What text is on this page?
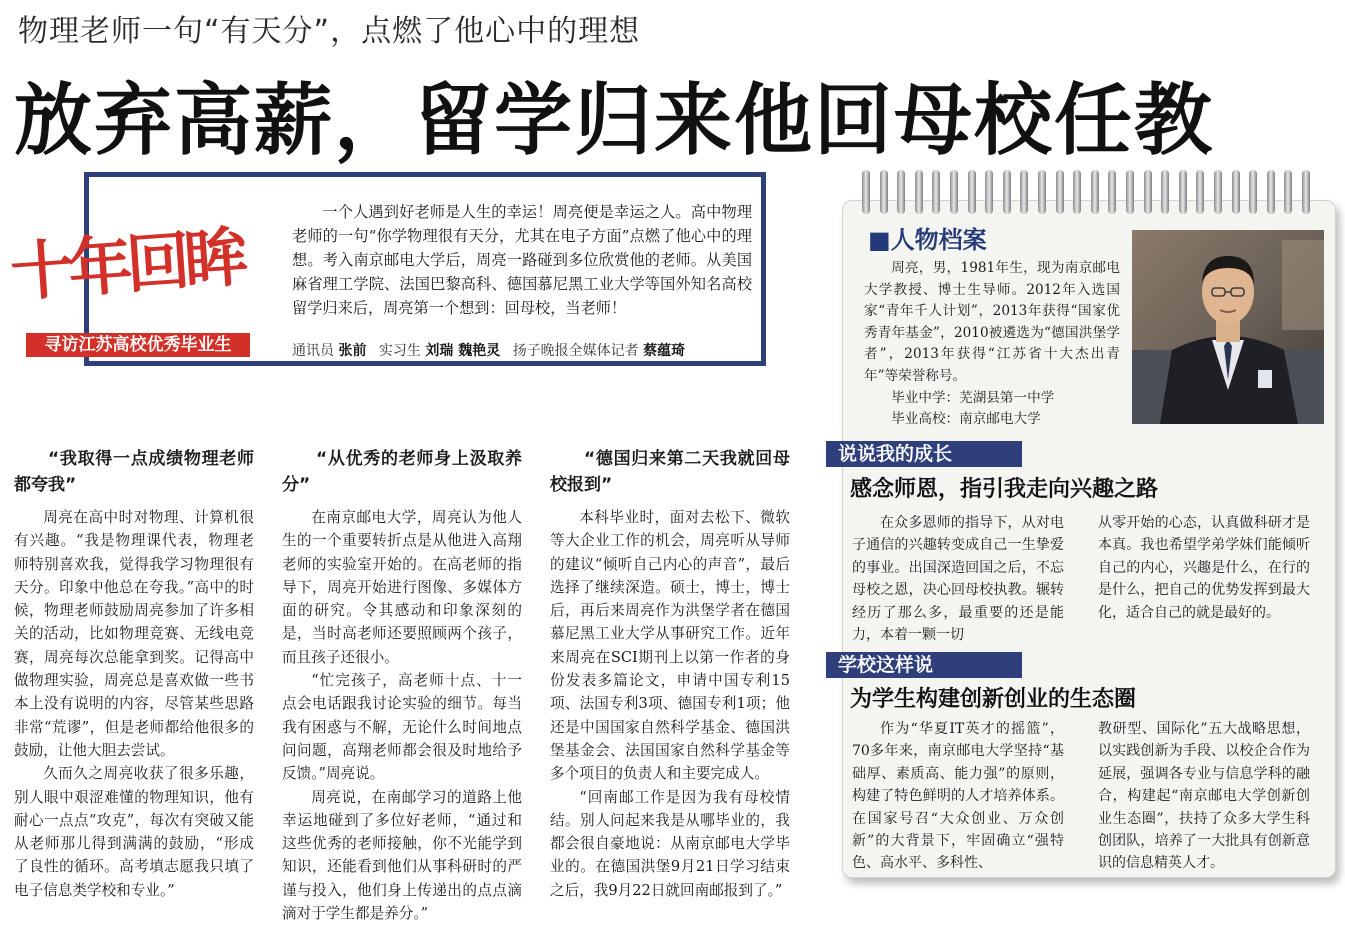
物理老师一句“有天分”，点燃了他心中的理想
放弃高薪，留学归来他回母校任教
十年回眸
寻访江苏高校优秀毕业生

一个人遇到好老师是人生的幸运！周亮便是幸运之人。高中物理老师的一句“你学物理很有天分，尤其在电子方面”点燃了他心中的理想。考入南京邮电大学后，周亮一路碰到多位欣赏他的老师。从美国麻省理工学院、法国巴黎高科、德国慕尼黑工业大学等国外知名高校留学归来后，周亮第一个想到：回母校，当老师！

通讯员 张前 实习生 刘瑞 魏艳灵 扬子晚报全媒体记者 蔡蕴琦
“我取得一点成绩物理老师都夸我”

周亮在高中时对物理、计算机很有兴趣。“我是物理课代表，物理老师特别喜欢我，觉得我学习物理很有天分。印象中他总在夸我。”高中的时候，物理老师鼓励周亮参加了许多相关的活动，比如物理竞赛、无线电竞赛，周亮每次总能拿到奖。记得高中做物理实验，周亮总是喜欢做一些书本上没有说明的内容，尽管某些思路非常“荒谬”，但是老师都给他很多的鼓励，让他大胆去尝试。

久而久之周亮收获了很多乐趣，别人眼中艰涩难懂的物理知识，他有耐心一点点“攻克”，每次有突破又能从老师那儿得到满满的鼓励，“形成了良性的循环。高考填志愿我只填了电子信息类学校和专业。”

“从优秀的老师身上汲取养分”

在南京邮电大学，周亮认为他人生的一个重要转折点是从他进入高翔老师的实验室开始的。在高老师的指导下，周亮开始进行图像、多媒体方面的研究。令其感动和印象深刻的是，当时高老师还要照顾两个孩子，而且孩子还很小。

“忙完孩子，高老师十点、十一点会电话跟我讨论实验的细节。每当我有困惑与不解，无论什么时间地点问问题，高翔老师都会很及时地给予反馈。”周亮说。

周亮说，在南邮学习的道路上他幸运地碰到了多位好老师，“通过和这些优秀的老师接触，你不光能学到知识，还能看到他们从事科研时的严谨与投入，他们身上传递出的点点滴滴对于学生都是养分。”

“德国归来第二天我就回母校报到”

本科毕业时，面对去松下、微软等大企业工作的机会，周亮听从导师的建议“倾听自己内心的声音”，最后选择了继续深造。硕士，博士，博士后，再后来周亮作为洪堡学者在德国慕尼黑工业大学从事研究工作。近年来周亮在SCI期刊上以第一作者的身份发表多篇论文，申请中国专利15项、法国专利3项、德国专利1项；他还是中国国家自然科学基金、德国洪堡基金会、法国国家自然科学基金等多个项目的负责人和主要完成人。

“回南邮工作是因为我有母校情结。别人问起来我是从哪毕业的，我都会很自豪地说：从南京邮电大学毕业的。在德国洪堡9月21日学习结束之后，我9月22日就回南邮报到了。”

■人物档案

周亮，男，1981年生，现为南京邮电大学教授、博士生导师。2012年入选国家“青年千人计划”，2013年获得“国家优秀青年基金”，2010被遴选为“德国洪堡学者”，2013年获得“江苏省十大杰出青年”等荣誉称号。

毕业中学：芜湖县第一中学

毕业高校：南京邮电大学

说说我的成长
感念师恩，指引我走向兴趣之路

在众多恩师的指导下，从对电子通信的兴趣转变成自己一生挚爱的事业。出国深造回国之后，不忘母校之恩，决心回母校执教。辗转经历了那么多，最重要的还是能力，本着一颗一切

从零开始的心态，认真做科研才是本真。我也希望学弟学妹们能倾听自己的内心，兴趣是什么，在行的是什么，把自己的优势发挥到最大化，适合自己的就是最好的。

学校这样说
为学生构建创新创业的生态圈

作为“华夏IT英才的摇篮”，70多年来，南京邮电大学坚持“基础厚、素质高、能力强”的原则，构建了特色鲜明的人才培养体系。在国家号召“大众创业、万众创新”的大背景下，牢固确立“强特色、高水平、多科性、

教研型、国际化”五大战略思想，以实践创新为手段、以校企合作为延展，强调各专业与信息学科的融合，构建起“南京邮电大学创新创业生态圈”，扶持了众多大学生科创团队，培养了一大批具有创新意识的信息精英人才。
